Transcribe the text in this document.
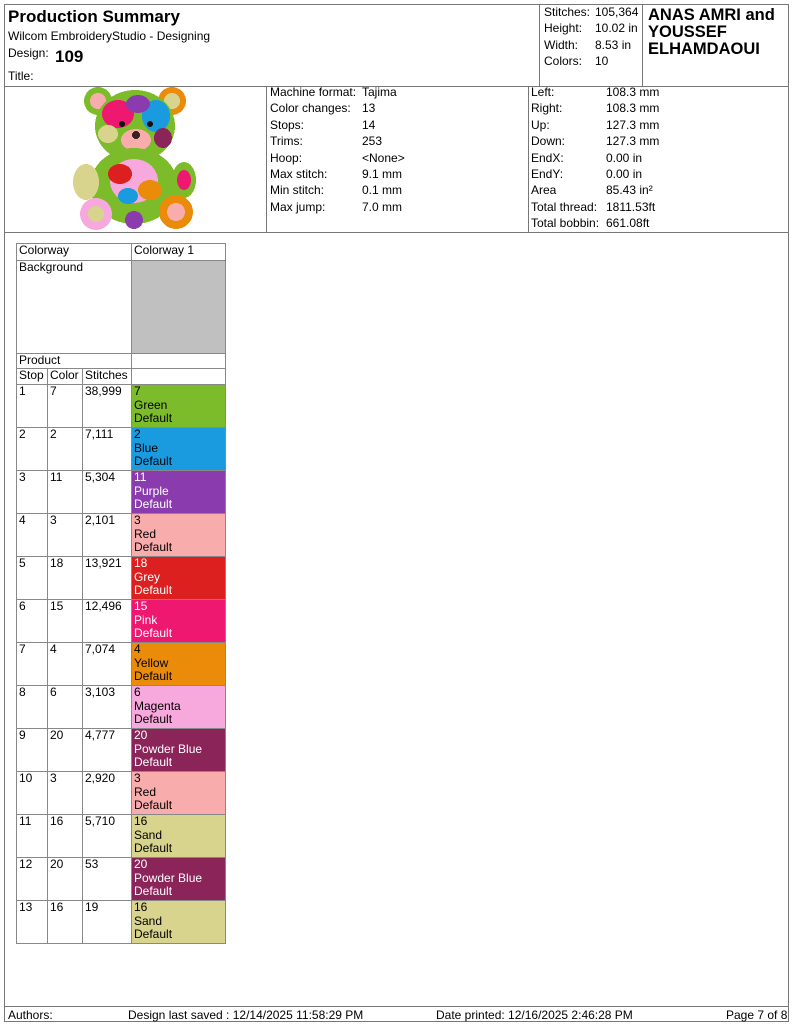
Production Summary
Wilcom EmbroideryStudio - Designing
Design: 109
Title:
Stitches: 105,364
Height: 10.02 in
Width: 8.53 in
Colors: 10
ANAS AMRI and
YOUSSEF
ELHAMDAOUI
Machine format: Tajima
Color changes: 13
Stops:	14
Trims:	253
Hoop:	<None>
Max stitch:	9.1 mm
Min stitch:	0.1 mm
Max jump:	7.0 mm
Left:	108.3 mm
Right:	108.3 mm
Up:	127.3 mm
Down:	127.3 mm
EndX:	0.00 in
EndY:	0.00 in
Area	85.43 in²
Total thread: 1811.53ft
Total bobbin: 661.08ft
Colorway			Colorway 1
Background			
Product			
Stop	Color	Stitches	
1	7	38,999	7
Green
Default

2	2	7,111	2
Blue
Default

3	11	5,304	11
Purple
Default

4	3	2,101	3
Red
Default

5	18	13,921	18
Grey
Default

6	15	12,496	15
Pink
Default

7	4	7,074	4
Yellow
Default

8	6	3,103	6
Magenta
Default

9	20	4,777	20
Powder Blue
Default

10	3	2,920	3
Red
Default

11	16	5,710	16
Sand
Default

12	20	53	20
Powder Blue
Default

13	16	19	16
Sand
Default
Authors:	Design last saved : 12/14/2025 11:58:29 PM	Date printed: 12/16/2025 2:46:28 PM	Page 7 of 8
